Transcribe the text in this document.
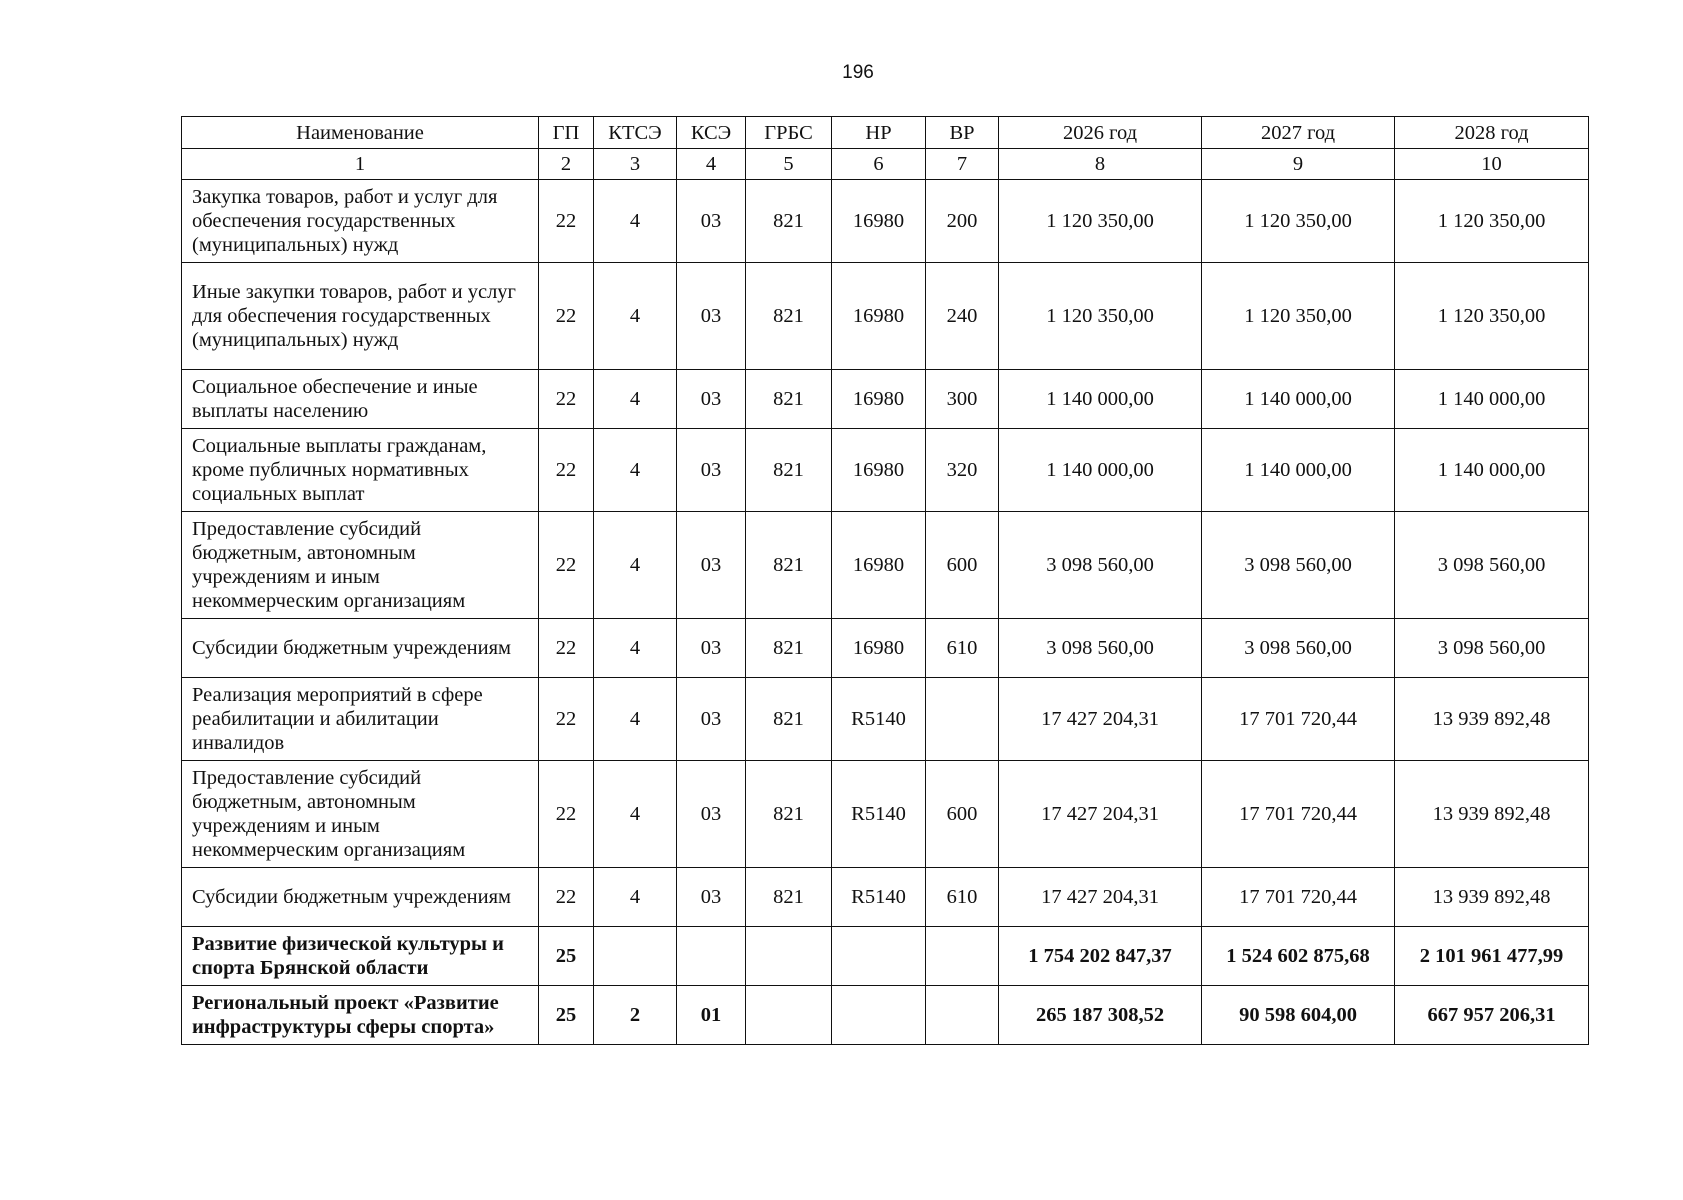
196
Наименование	ГП	КТСЭ	КСЭ	ГРБС	НР	ВР	2026 год	2027 год	2028 год
1	2	3	4	5	6	7	8	9	10
Закупка товаров, работ и услуг для обеспечения государственных (муниципальных) нужд	22	4	03	821	16980	200	1 120 350,00	1 120 350,00	1 120 350,00
Иные закупки товаров, работ и услуг для обеспечения государственных (муниципальных) нужд	22	4	03	821	16980	240	1 120 350,00	1 120 350,00	1 120 350,00
Социальное обеспечение и иные выплаты населению	22	4	03	821	16980	300	1 140 000,00	1 140 000,00	1 140 000,00
Социальные выплаты гражданам, кроме публичных нормативных социальных выплат	22	4	03	821	16980	320	1 140 000,00	1 140 000,00	1 140 000,00
Предоставление субсидий бюджетным, автономным учреждениям и иным некоммерческим организациям	22	4	03	821	16980	600	3 098 560,00	3 098 560,00	3 098 560,00
Субсидии бюджетным учреждениям	22	4	03	821	16980	610	3 098 560,00	3 098 560,00	3 098 560,00
Реализация мероприятий в сфере реабилитации и абилитации инвалидов	22	4	03	821	R5140		17 427 204,31	17 701 720,44	13 939 892,48
Предоставление субсидий бюджетным, автономным учреждениям и иным некоммерческим организациям	22	4	03	821	R5140	600	17 427 204,31	17 701 720,44	13 939 892,48
Субсидии бюджетным учреждениям	22	4	03	821	R5140	610	17 427 204,31	17 701 720,44	13 939 892,48
Развитие физической культуры и спорта Брянской области	25						1 754 202 847,37	1 524 602 875,68	2 101 961 477,99
Региональный проект «Развитие инфраструктуры сферы спорта»	25	2	01				265 187 308,52	90 598 604,00	667 957 206,31
